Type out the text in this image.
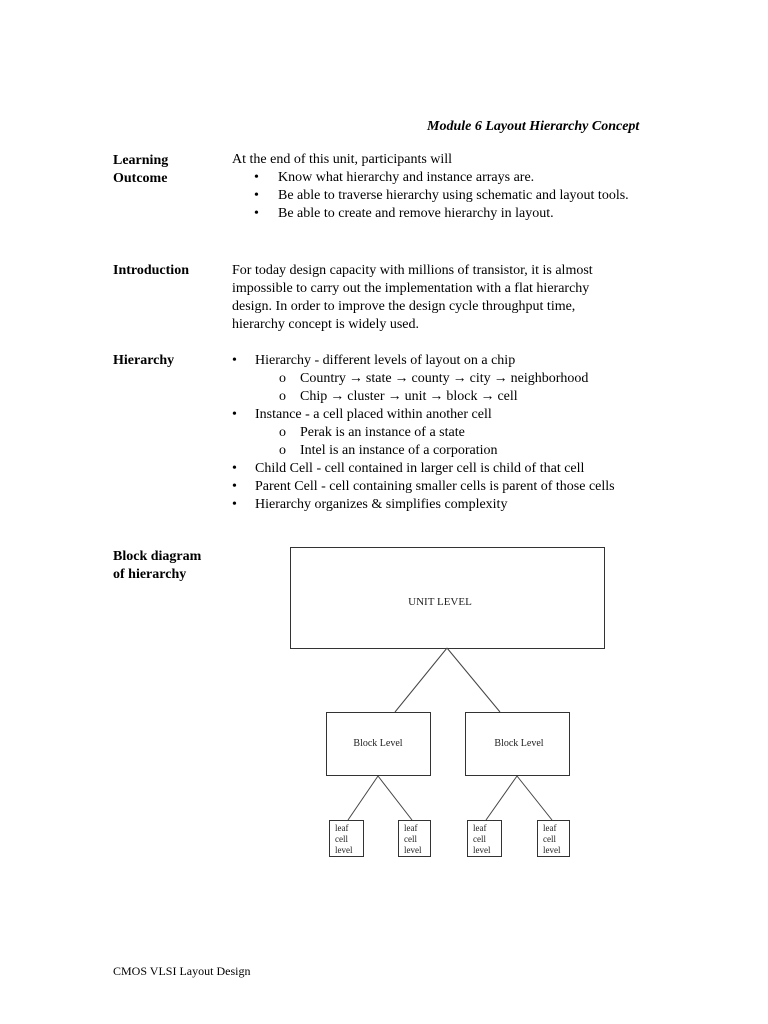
Module 6 Layout Hierarchy Concept
Learning
Outcome

At the end of this unit, participants will

• Know what hierarchy and instance arrays are.
• Be able to traverse hierarchy using schematic and layout tools.
• Be able to create and remove hierarchy in layout.
Introduction	For today design capacity with millions of transistor, it is almost impossible to carry out the implementation with a flat hierarchy design. In order to improve the design cycle throughput time, hierarchy concept is widely used.

Hierarchy
•	Hierarchy - different levels of layout on a chip
o Country → state → county → city → neighborhood
o Chip → cluster → unit → block → cell
• Instance - a cell placed within another cell
o Perak is an instance of a state
o Intel is an instance of a corporation
• Child Cell - cell contained in larger cell is child of that cell
• Parent Cell - cell containing smaller cells is parent of those cells
• Hierarchy organizes & simplifies complexity
Block diagram
of hierarchy
UNIT LEVEL
Block Level	Block Level
leaf
cell
level
leaf
cell
level
leaf
cell
level
leaf
cell
level
CMOS VLSI Layout Design
